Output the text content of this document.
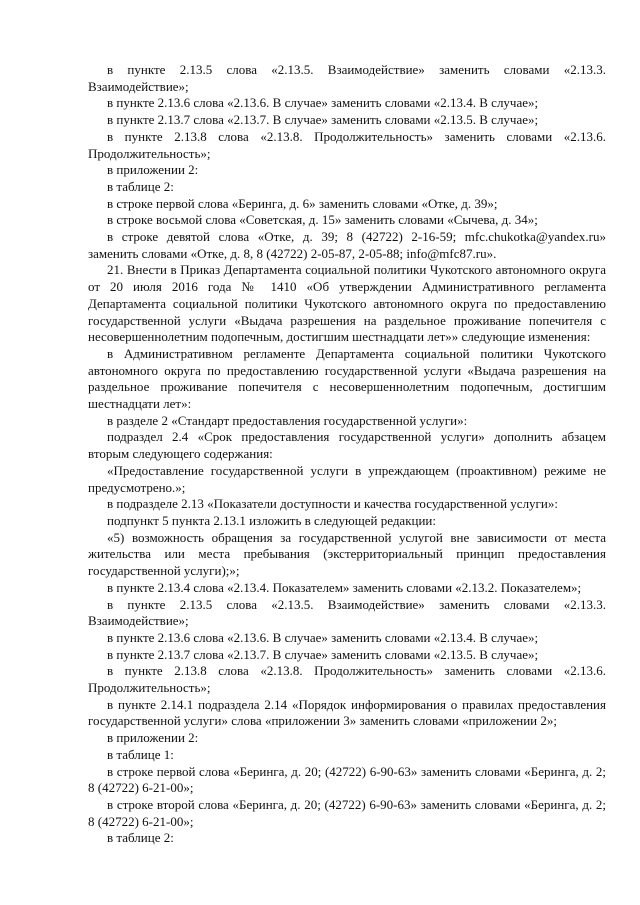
в пункте 2.13.5 слова «2.13.5. Взаимодействие» заменить словами «2.13.3. Взаимодействие»;

в пункте 2.13.6 слова «2.13.6. В случае» заменить словами «2.13.4. В случае»;

в пункте 2.13.7 слова «2.13.7. В случае» заменить словами «2.13.5. В случае»;

в пункте 2.13.8 слова «2.13.8. Продолжительность» заменить словами «2.13.6. Продолжительность»;

в приложении 2:

в таблице 2:

в строке первой слова «Беринга, д. 6» заменить словами «Отке, д. 39»;

в строке восьмой слова «Советская, д. 15» заменить словами «Сычева, д. 34»;

в строке девятой слова «Отке, д. 39; 8 (42722) 2-16-59; mfc.chukotka@yandex.ru» заменить словами «Отке, д. 8, 8 (42722) 2-05-87, 2-05-88; info@mfc87.ru».

21. Внести в Приказ Департамента социальной политики Чукотского автономного округа от 20 июля 2016 года № 1410 «Об утверждении Административного регламента Департамента социальной политики Чукотского автономного округа по предоставлению государственной услуги «Выдача разрешения на раздельное проживание попечителя с несовершеннолетним подопечным, достигшим шестнадцати лет»» следующие изменения:

в Административном регламенте Департамента социальной политики Чукотского автономного округа по предоставлению государственной услуги «Выдача разрешения на раздельное проживание попечителя с несовершеннолетним подопечным, достигшим шестнадцати лет»:

в разделе 2 «Стандарт предоставления государственной услуги»:

подраздел 2.4 «Срок предоставления государственной услуги» дополнить абзацем вторым следующего содержания:

«Предоставление государственной услуги в упреждающем (проактивном) режиме не предусмотрено.»;

в подразделе 2.13 «Показатели доступности и качества государственной услуги»:

подпункт 5 пункта 2.13.1 изложить в следующей редакции:

«5) возможность обращения за государственной услугой вне зависимости от места жительства или места пребывания (экстерриториальный принцип предоставления государственной услуги);»;

в пункте 2.13.4 слова «2.13.4. Показателем» заменить словами «2.13.2. Показателем»;

в пункте 2.13.5 слова «2.13.5. Взаимодействие» заменить словами «2.13.3. Взаимодействие»;

в пункте 2.13.6 слова «2.13.6. В случае» заменить словами «2.13.4. В случае»;

в пункте 2.13.7 слова «2.13.7. В случае» заменить словами «2.13.5. В случае»;

в пункте 2.13.8 слова «2.13.8. Продолжительность» заменить словами «2.13.6. Продолжительность»;

в пункте 2.14.1 подраздела 2.14 «Порядок информирования о правилах предоставления государственной услуги» слова «приложении 3» заменить словами «приложении 2»;

в приложении 2:

в таблице 1:

в строке первой слова «Беринга, д. 20; (42722) 6-90-63» заменить словами «Беринга, д. 2; 8 (42722) 6-21-00»;

в строке второй слова «Беринга, д. 20; (42722) 6-90-63» заменить словами «Беринга, д. 2; 8 (42722) 6-21-00»;

в таблице 2:
